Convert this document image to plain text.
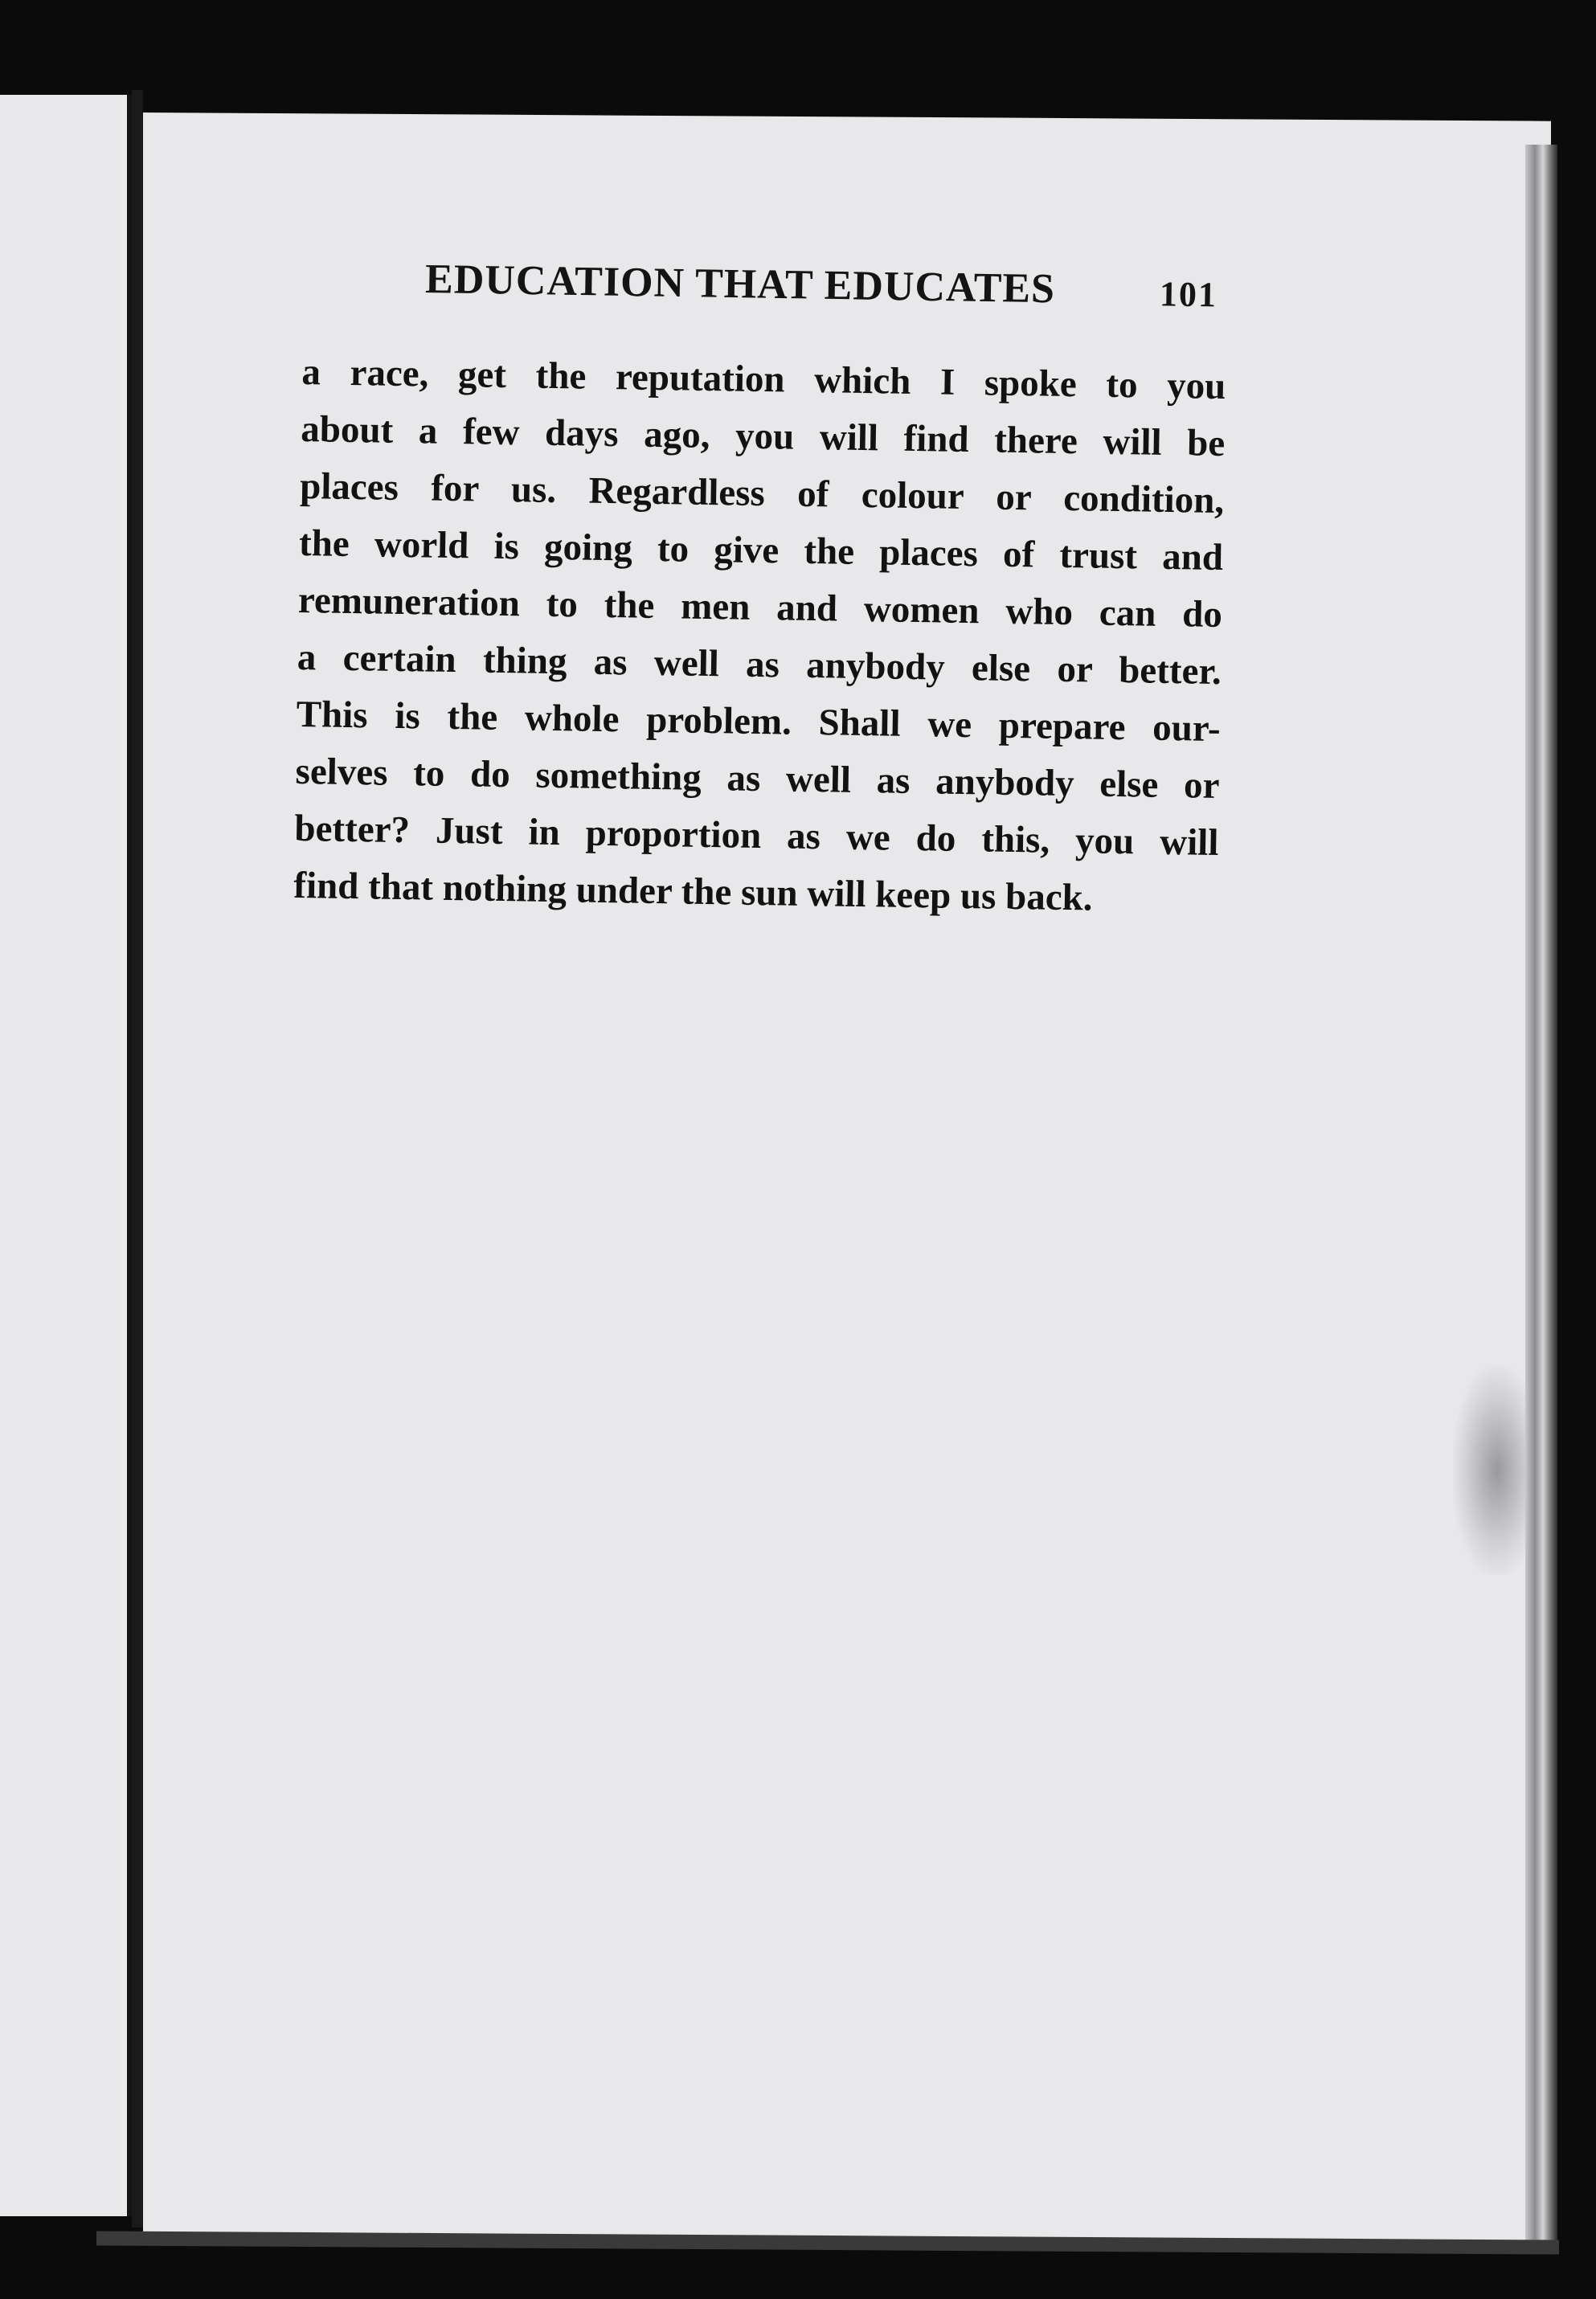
EDUCATION THAT EDUCATES	101
a race, get the reputation which I spoke to you
about a few days ago, you will find there will be
places for us. Regardless of colour or condition,
the world is going to give the places of trust and
remuneration to the men and women who can do
a certain thing as well as anybody else or better.
This is the whole problem. Shall we prepare our-
selves to do something as well as anybody else or
better? Just in proportion as we do this, you will
find that nothing under the sun will keep us back.
